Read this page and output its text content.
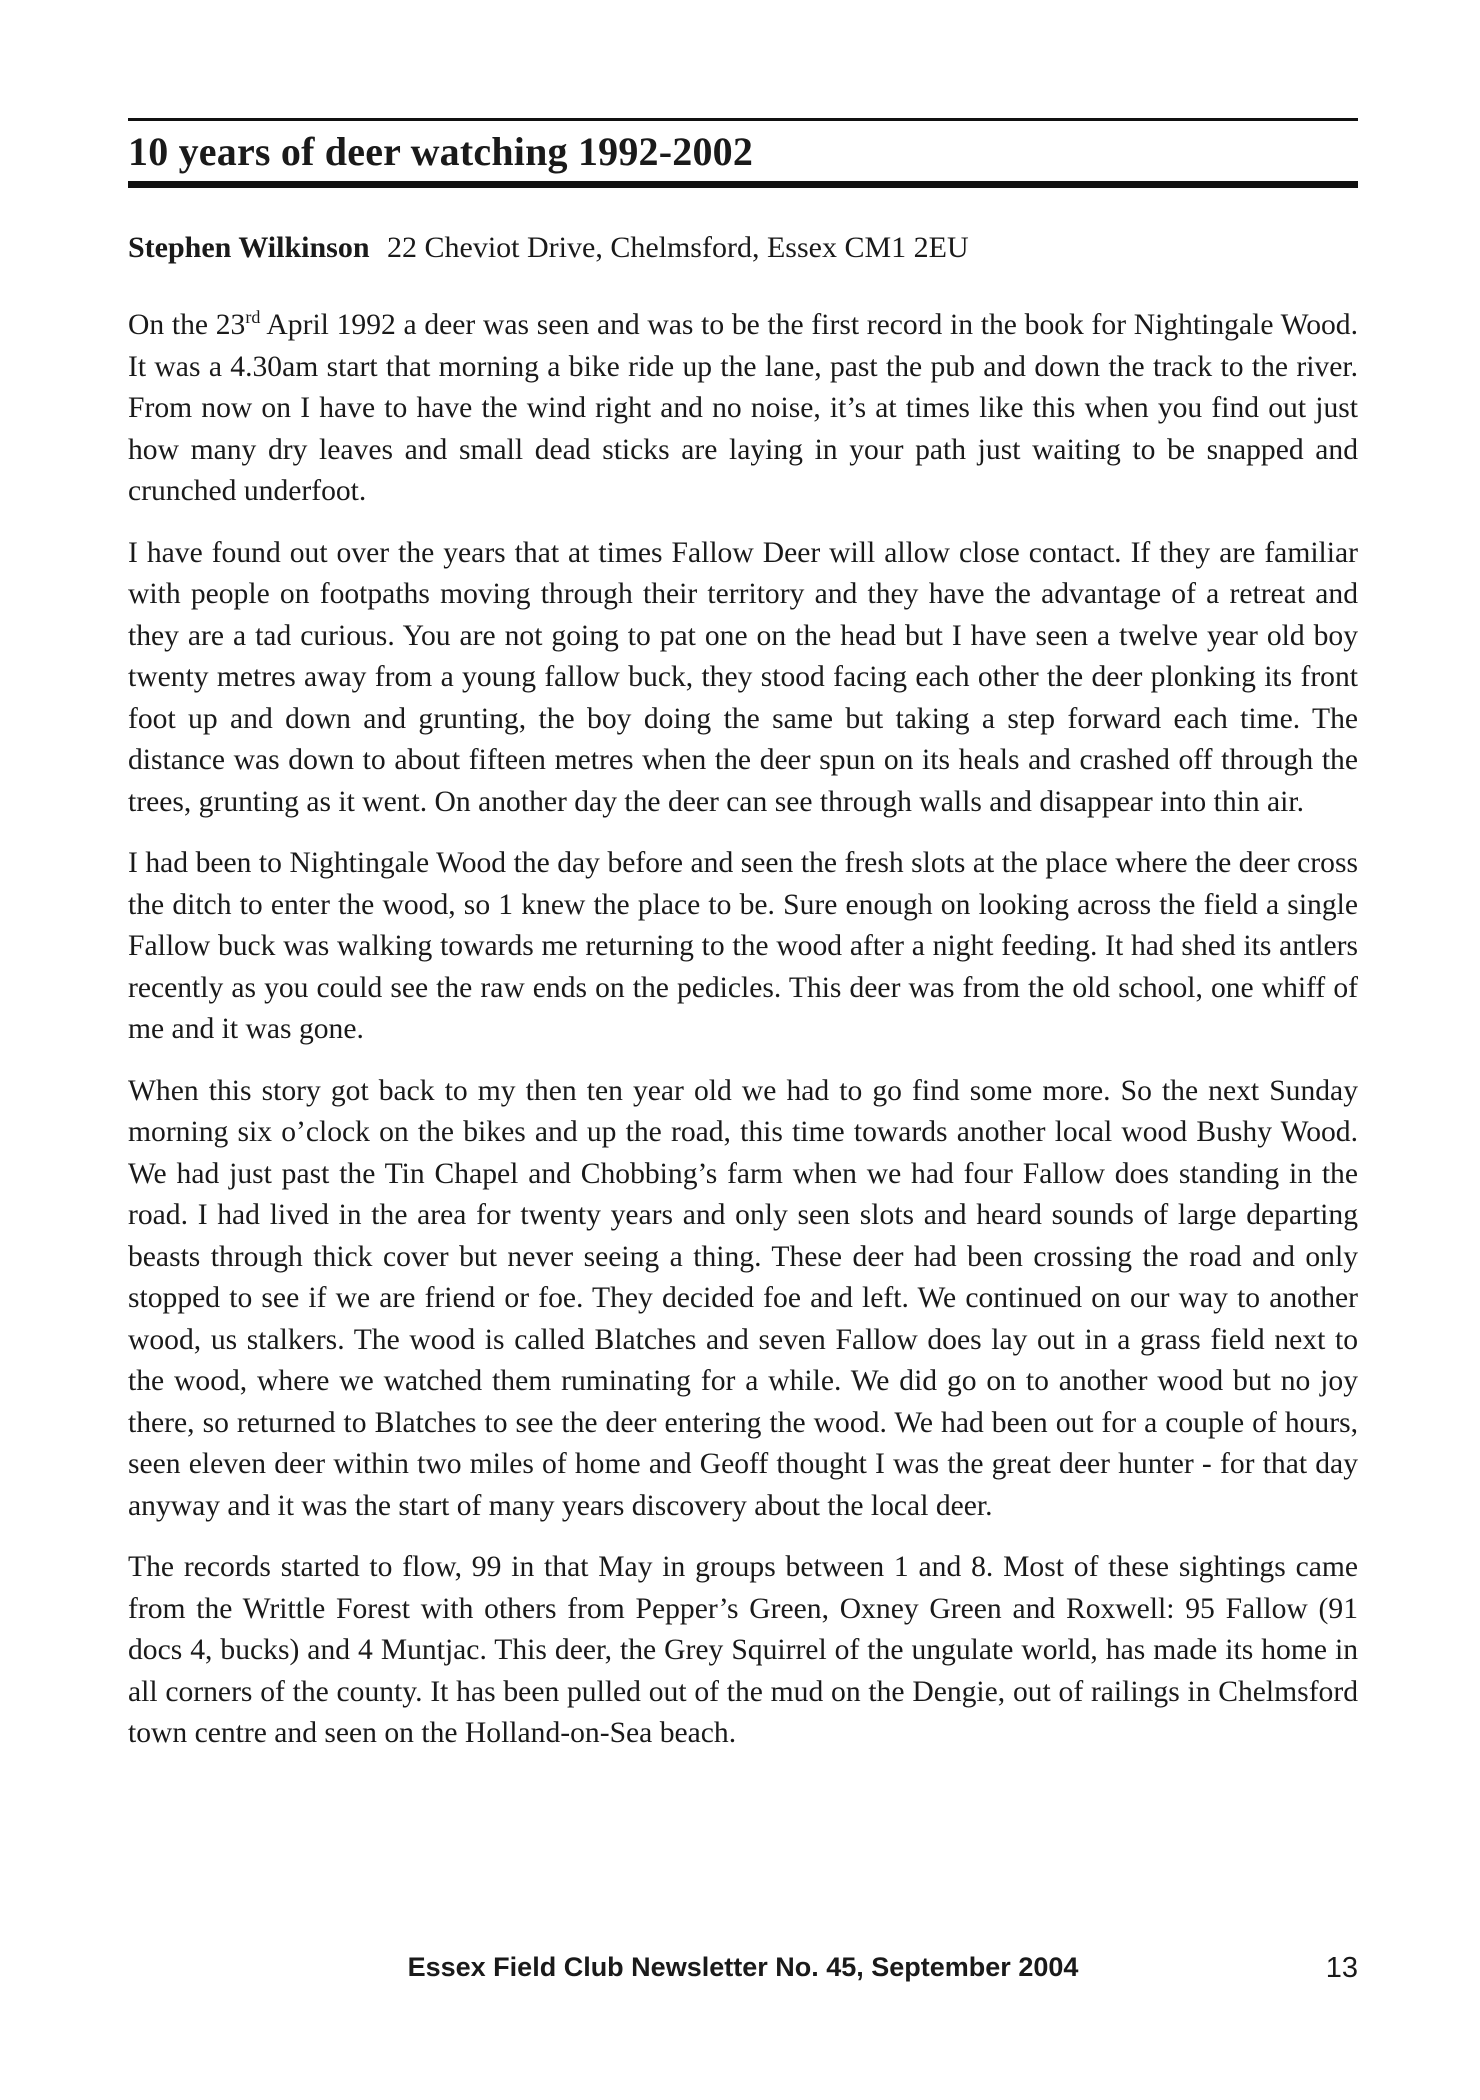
10 years of deer watching 1992-2002
Stephen Wilkinson 22 Cheviot Drive, Chelmsford, Essex CM1 2EU

On the 23rd April 1992 a deer was seen and was to be the first record in the book for Nightingale Wood. It was a 4.30am start that morning a bike ride up the lane, past the pub and down the track to the river. From now on I have to have the wind right and no noise, it’s at times like this when you find out just how many dry leaves and small dead sticks are laying in your path just waiting to be snapped and crunched underfoot.

I have found out over the years that at times Fallow Deer will allow close contact. If they are familiar with people on footpaths moving through their territory and they have the advantage of a retreat and they are a tad curious. You are not going to pat one on the head but I have seen a twelve year old boy twenty metres away from a young fallow buck, they stood facing each other the deer plonking its front foot up and down and grunting, the boy doing the same but taking a step forward each time. The distance was down to about fifteen metres when the deer spun on its heals and crashed off through the trees, grunting as it went. On another day the deer can see through walls and disappear into thin air.

I had been to Nightingale Wood the day before and seen the fresh slots at the place where the deer cross the ditch to enter the wood, so 1 knew the place to be. Sure enough on looking across the field a single Fallow buck was walking towards me returning to the wood after a night feeding. It had shed its antlers recently as you could see the raw ends on the pedicles. This deer was from the old school, one whiff of me and it was gone.

When this story got back to my then ten year old we had to go find some more. So the next Sunday morning six o’clock on the bikes and up the road, this time towards another local wood Bushy Wood. We had just past the Tin Chapel and Chobbing’s farm when we had four Fallow does standing in the road. I had lived in the area for twenty years and only seen slots and heard sounds of large departing beasts through thick cover but never seeing a thing. These deer had been crossing the road and only stopped to see if we are friend or foe. They decided foe and left. We continued on our way to another wood, us stalkers. The wood is called Blatches and seven Fallow does lay out in a grass field next to the wood, where we watched them ruminating for a while. We did go on to another wood but no joy there, so returned to Blatches to see the deer entering the wood. We had been out for a couple of hours, seen eleven deer within two miles of home and Geoff thought I was the great deer hunter - for that day anyway and it was the start of many years discovery about the local deer.

The records started to flow, 99 in that May in groups between 1 and 8. Most of these sightings came from the Writtle Forest with others from Pepper’s Green, Oxney Green and Roxwell: 95 Fallow (91 docs 4, bucks) and 4 Muntjac. This deer, the Grey Squirrel of the ungulate world, has made its home in all corners of the county. It has been pulled out of the mud on the Dengie, out of railings in Chelmsford town centre and seen on the Holland-on-Sea beach.

Essex Field Club Newsletter No. 45, September 2004	13
